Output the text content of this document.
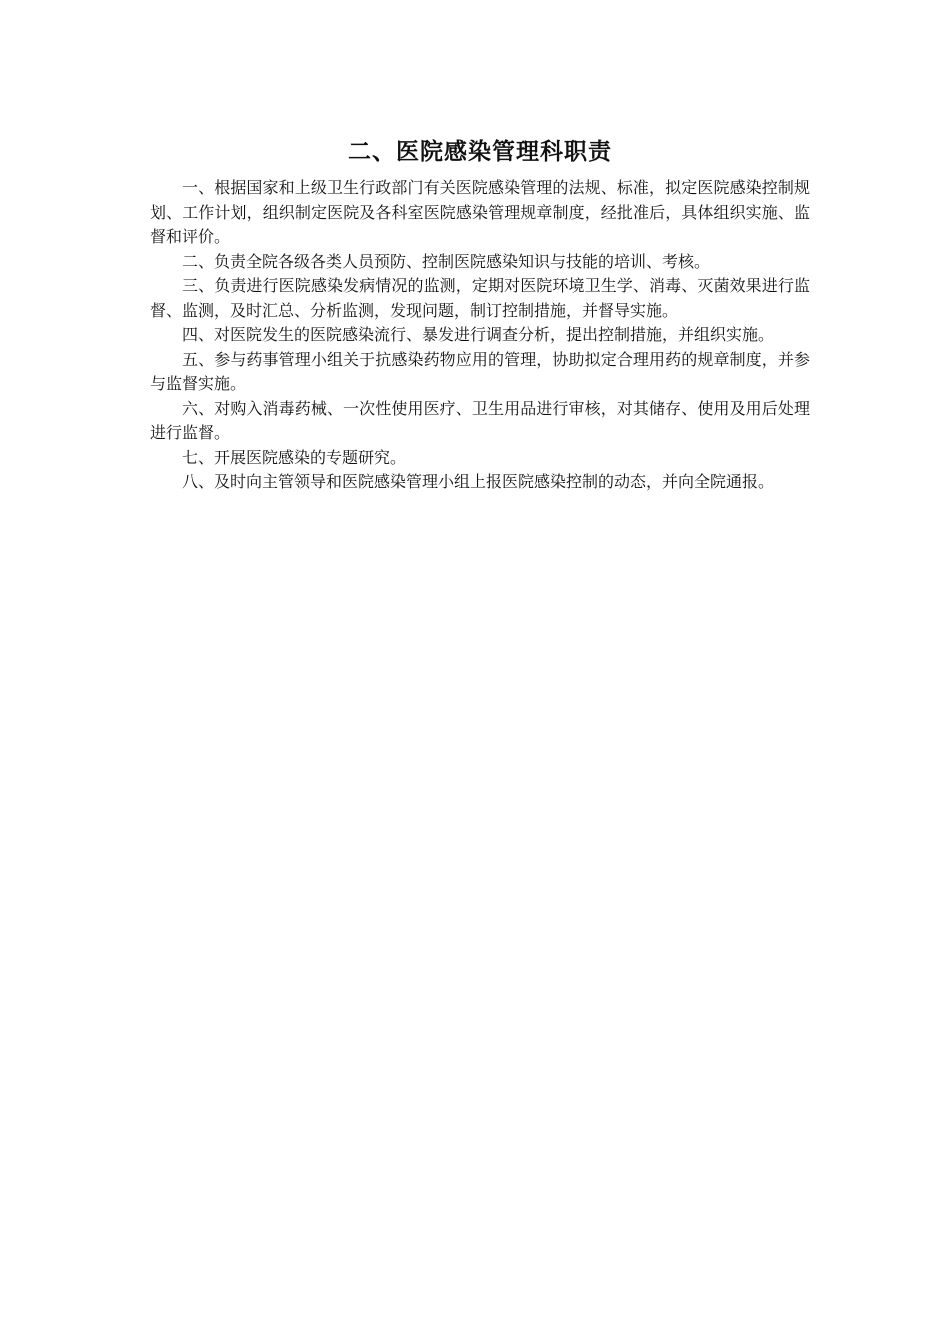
二、医院感染管理科职责

一、根据国家和上级卫生行政部门有关医院感染管理的法规、标准，拟定医院感染控制规划、工作计划，组织制定医院及各科室医院感染管理规章制度，经批准后，具体组织实施、监督和评价。

二、负责全院各级各类人员预防、控制医院感染知识与技能的培训、考核。

三、负责进行医院感染发病情况的监测，定期对医院环境卫生学、消毒、灭菌效果进行监督、监测，及时汇总、分析监测，发现问题，制订控制措施，并督导实施。

四、对医院发生的医院感染流行、暴发进行调查分析，提出控制措施，并组织实施。

五、参与药事管理小组关于抗感染药物应用的管理，协助拟定合理用药的规章制度，并参与监督实施。

六、对购入消毒药械、一次性使用医疗、卫生用品进行审核，对其储存、使用及用后处理进行监督。

七、开展医院感染的专题研究。

八、及时向主管领导和医院感染管理小组上报医院感染控制的动态，并向全院通报。
